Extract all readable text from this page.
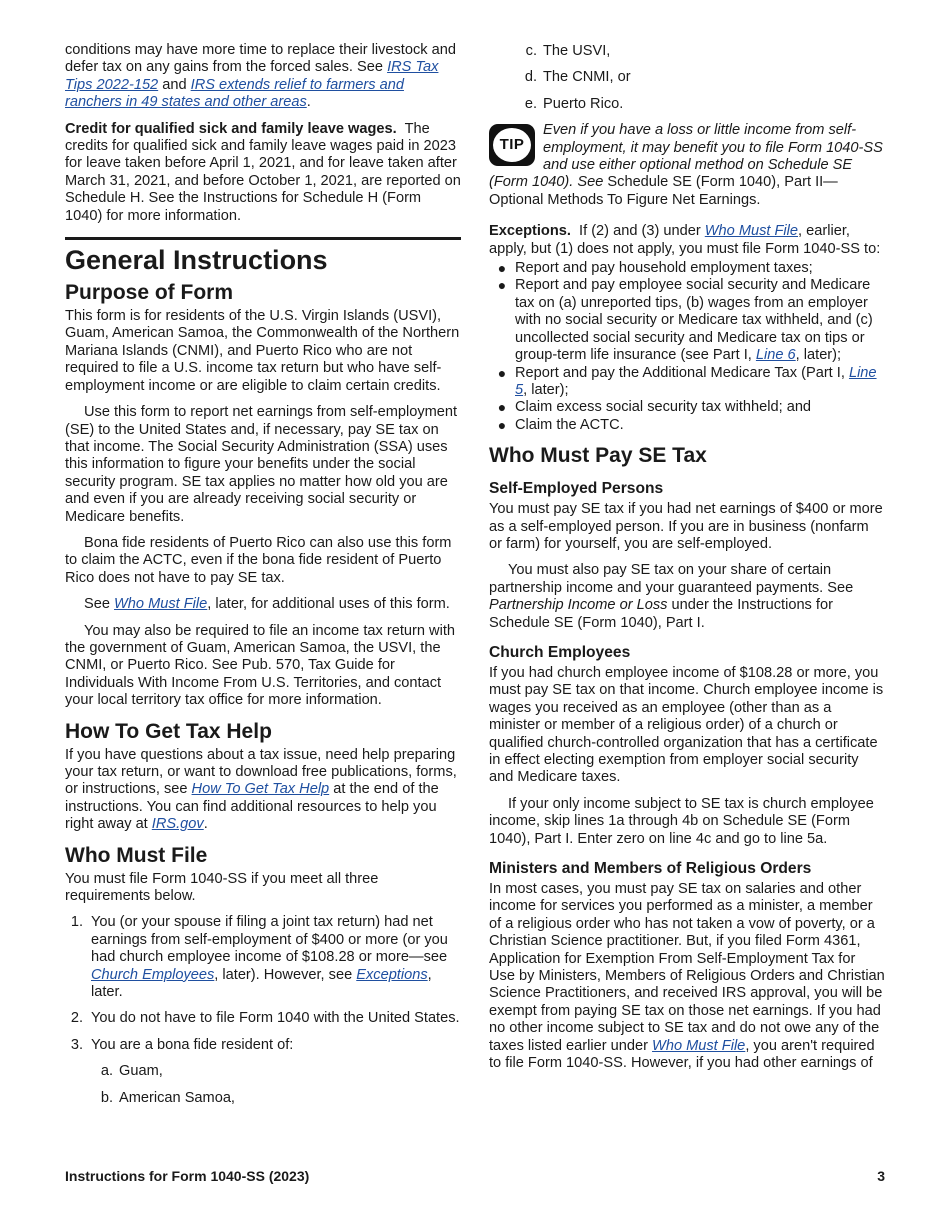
conditions may have more time to replace their livestock and defer tax on any gains from the forced sales. See IRS Tax Tips 2022-152 and IRS extends relief to farmers and ranchers in 49 states and other areas.

Credit for qualified sick and family leave wages. The credits for qualified sick and family leave wages paid in 2023 for leave taken before April 1, 2021, and for leave taken after March 31, 2021, and before October 1, 2021, are reported on Schedule H. See the Instructions for Schedule H (Form 1040) for more information.

General Instructions
Purpose of Form

This form is for residents of the U.S. Virgin Islands (USVI), Guam, American Samoa, the Commonwealth of the Northern Mariana Islands (CNMI), and Puerto Rico who are not required to file a U.S. income tax return but who have self-employment income or are eligible to claim certain credits.

Use this form to report net earnings from self-employment (SE) to the United States and, if necessary, pay SE tax on that income. The Social Security Administration (SSA) uses this information to figure your benefits under the social security program. SE tax applies no matter how old you are and even if you are already receiving social security or Medicare benefits.

Bona fide residents of Puerto Rico can also use this form to claim the ACTC, even if the bona fide resident of Puerto Rico does not have to pay SE tax.

See Who Must File, later, for additional uses of this form.

You may also be required to file an income tax return with the government of Guam, American Samoa, the USVI, the CNMI, or Puerto Rico. See Pub. 570, Tax Guide for Individuals With Income From U.S. Territories, and contact your local territory tax office for more information.

How To Get Tax Help

If you have questions about a tax issue, need help preparing your tax return, or want to download free publications, forms, or instructions, see How To Get Tax Help at the end of the instructions. You can find additional resources to help you right away at IRS.gov.

Who Must File

You must file Form 1040-SS if you meet all three requirements below.

1. You (or your spouse if filing a joint tax return) had net earnings from self-employment of $400 or more (or you had church employee income of $108.28 or more—see Church Employees, later). However, see Exceptions, later.
2. You do not have to file Form 1040 with the United States.
3. You are a bona fide resident of:
a. Guam,
b. American Samoa,
c. The USVI,
d. The CNMI, or
e. Puerto Rico.
TIP
Even if you have a loss or little income from self-employment, it may benefit you to file Form 1040-SS and use either optional method on Schedule SE (Form 1040). See Schedule SE (Form 1040), Part II—Optional Methods To Figure Net Earnings.

Exceptions. If (2) and (3) under Who Must File, earlier, apply, but (1) does not apply, you must file Form 1040-SS to:

● Report and pay household employment taxes;
● Report and pay employee social security and Medicare tax on (a) unreported tips, (b) wages from an employer with no social security or Medicare tax withheld, and (c) uncollected social security and Medicare tax on tips or group-term life insurance (see Part I, Line 6, later);
● Report and pay the Additional Medicare Tax (Part I, Line 5, later);
● Claim excess social security tax withheld; and
● Claim the ACTC.
Who Must Pay SE Tax
Self-Employed Persons

You must pay SE tax if you had net earnings of $400 or more as a self-employed person. If you are in business (nonfarm or farm) for yourself, you are self-employed.

You must also pay SE tax on your share of certain partnership income and your guaranteed payments. See Partnership Income or Loss under the Instructions for Schedule SE (Form 1040), Part I.

Church Employees

If you had church employee income of $108.28 or more, you must pay SE tax on that income. Church employee income is wages you received as an employee (other than as a minister or member of a religious order) of a church or qualified church-controlled organization that has a certificate in effect electing exemption from employer social security and Medicare taxes.

If your only income subject to SE tax is church employee income, skip lines 1a through 4b on Schedule SE (Form 1040), Part I. Enter zero on line 4c and go to line 5a.

Ministers and Members of Religious Orders

In most cases, you must pay SE tax on salaries and other income for services you performed as a minister, a member of a religious order who has not taken a vow of poverty, or a Christian Science practitioner. But, if you filed Form 4361, Application for Exemption From Self-Employment Tax for Use by Ministers, Members of Religious Orders and Christian Science Practitioners, and received IRS approval, you will be exempt from paying SE tax on those net earnings. If you had no other income subject to SE tax and do not owe any of the taxes listed earlier under Who Must File, you aren't required to file Form 1040-SS. However, if you had other earnings of

Instructions for Form 1040-SS (2023)	3
